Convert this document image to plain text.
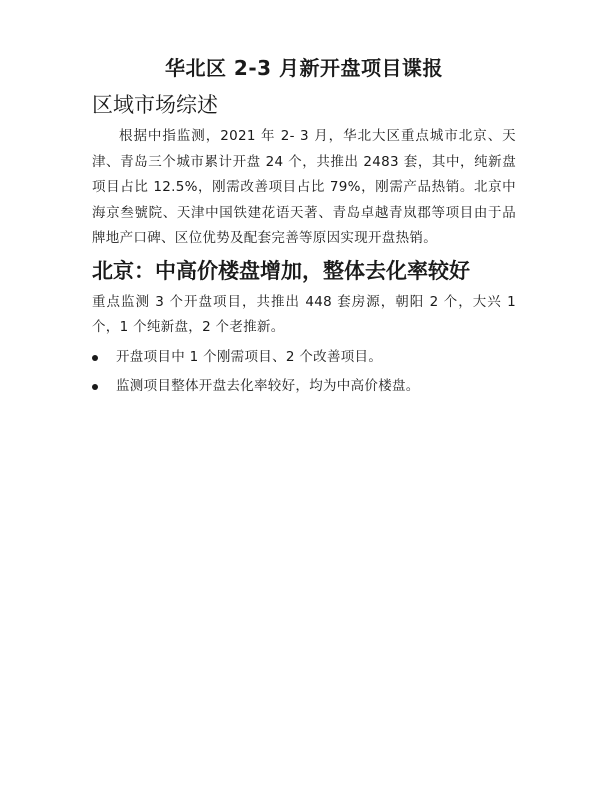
华北区 2-3 月新开盘项目谍报
区域市场综述

根据中指监测，2021 年 2- 3 月，华北大区重点城市北京、天津、青岛三个城市累计开盘 24 个，共推出 2483 套，其中，纯新盘项目占比 12.5%，刚需改善项目占比 79%，刚需产品热销。北京中海京叁號院、天津中国铁建花语天著、青岛卓越青岚郡等项目由于品牌地产口碑、区位优势及配套完善等原因实现开盘热销。

北京：中高价楼盘增加，整体去化率较好

重点监测 3 个开盘项目，共推出 448 套房源，朝阳 2 个，大兴 1 个，1 个纯新盘，2 个老推新。

开盘项目中 1 个刚需项目、2 个改善项目。
监测项目整体开盘去化率较好，均为中高价楼盘。
